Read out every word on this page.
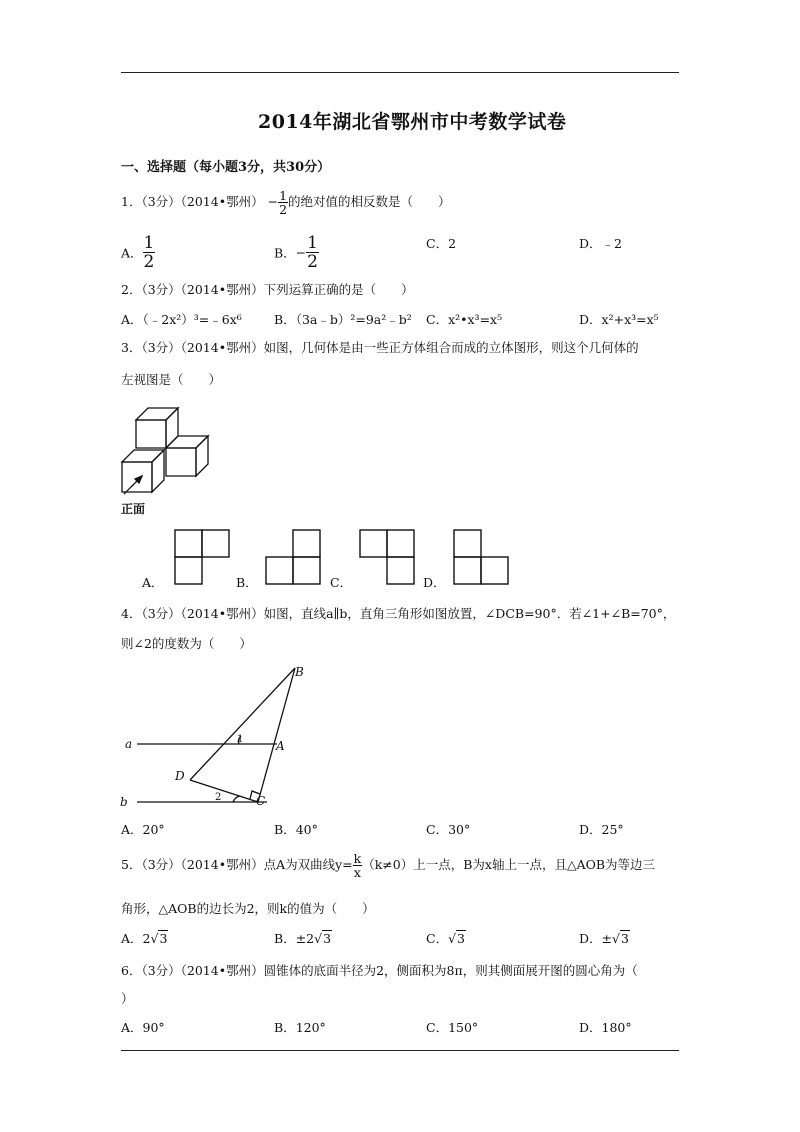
2014年湖北省鄂州市中考数学试卷
一、选择题（每小题3分，共30分）
1．（3分）（2014•鄂州） − $\frac{1}{2}$ 的绝对值的相反数是（　　）
A． $\frac{1}{2}$	B．− $\frac{1}{2}$	C．2	D．﹣2
2．（3分）（2014•鄂州）下列运算正确的是（　　）
A．（﹣2x²）³=﹣6x⁶	B．（3a﹣b）²=9a²﹣b² C．x²•x³=x⁵	D．x²+x³=x⁵
3．（3分）（2014•鄂州）如图，几何体是由一些正方体组合而成的立体图形，则这个几何体的
左视图是（　　）
正面
A．	B．	C．	D．
4．（3分）（2014•鄂州）如图，直线a∥b，直角三角形如图放置，∠DCB=90°．若∠1+∠B=70°，
则∠2的度数为（　　）
B
A
a
b
D
C
1
2
A．20°	B．40°	C．30°	D．25°
5．（3分）（2014•鄂州）点A为双曲线$y= \frac{k}{x} (k\ne 0)$上一点，B为x轴上一点，且△AOB为等边三
角形，△AOB的边长为2，则k的值为（　　）
A．2√3	B．±2√3	C．√3	D．±√3
6．（3分）（2014•鄂州）圆锥体的底面半径为2，侧面积为8π，则其侧面展开图的圆心角为（
）
A．90°	B．120°	C．150°	D．180°
